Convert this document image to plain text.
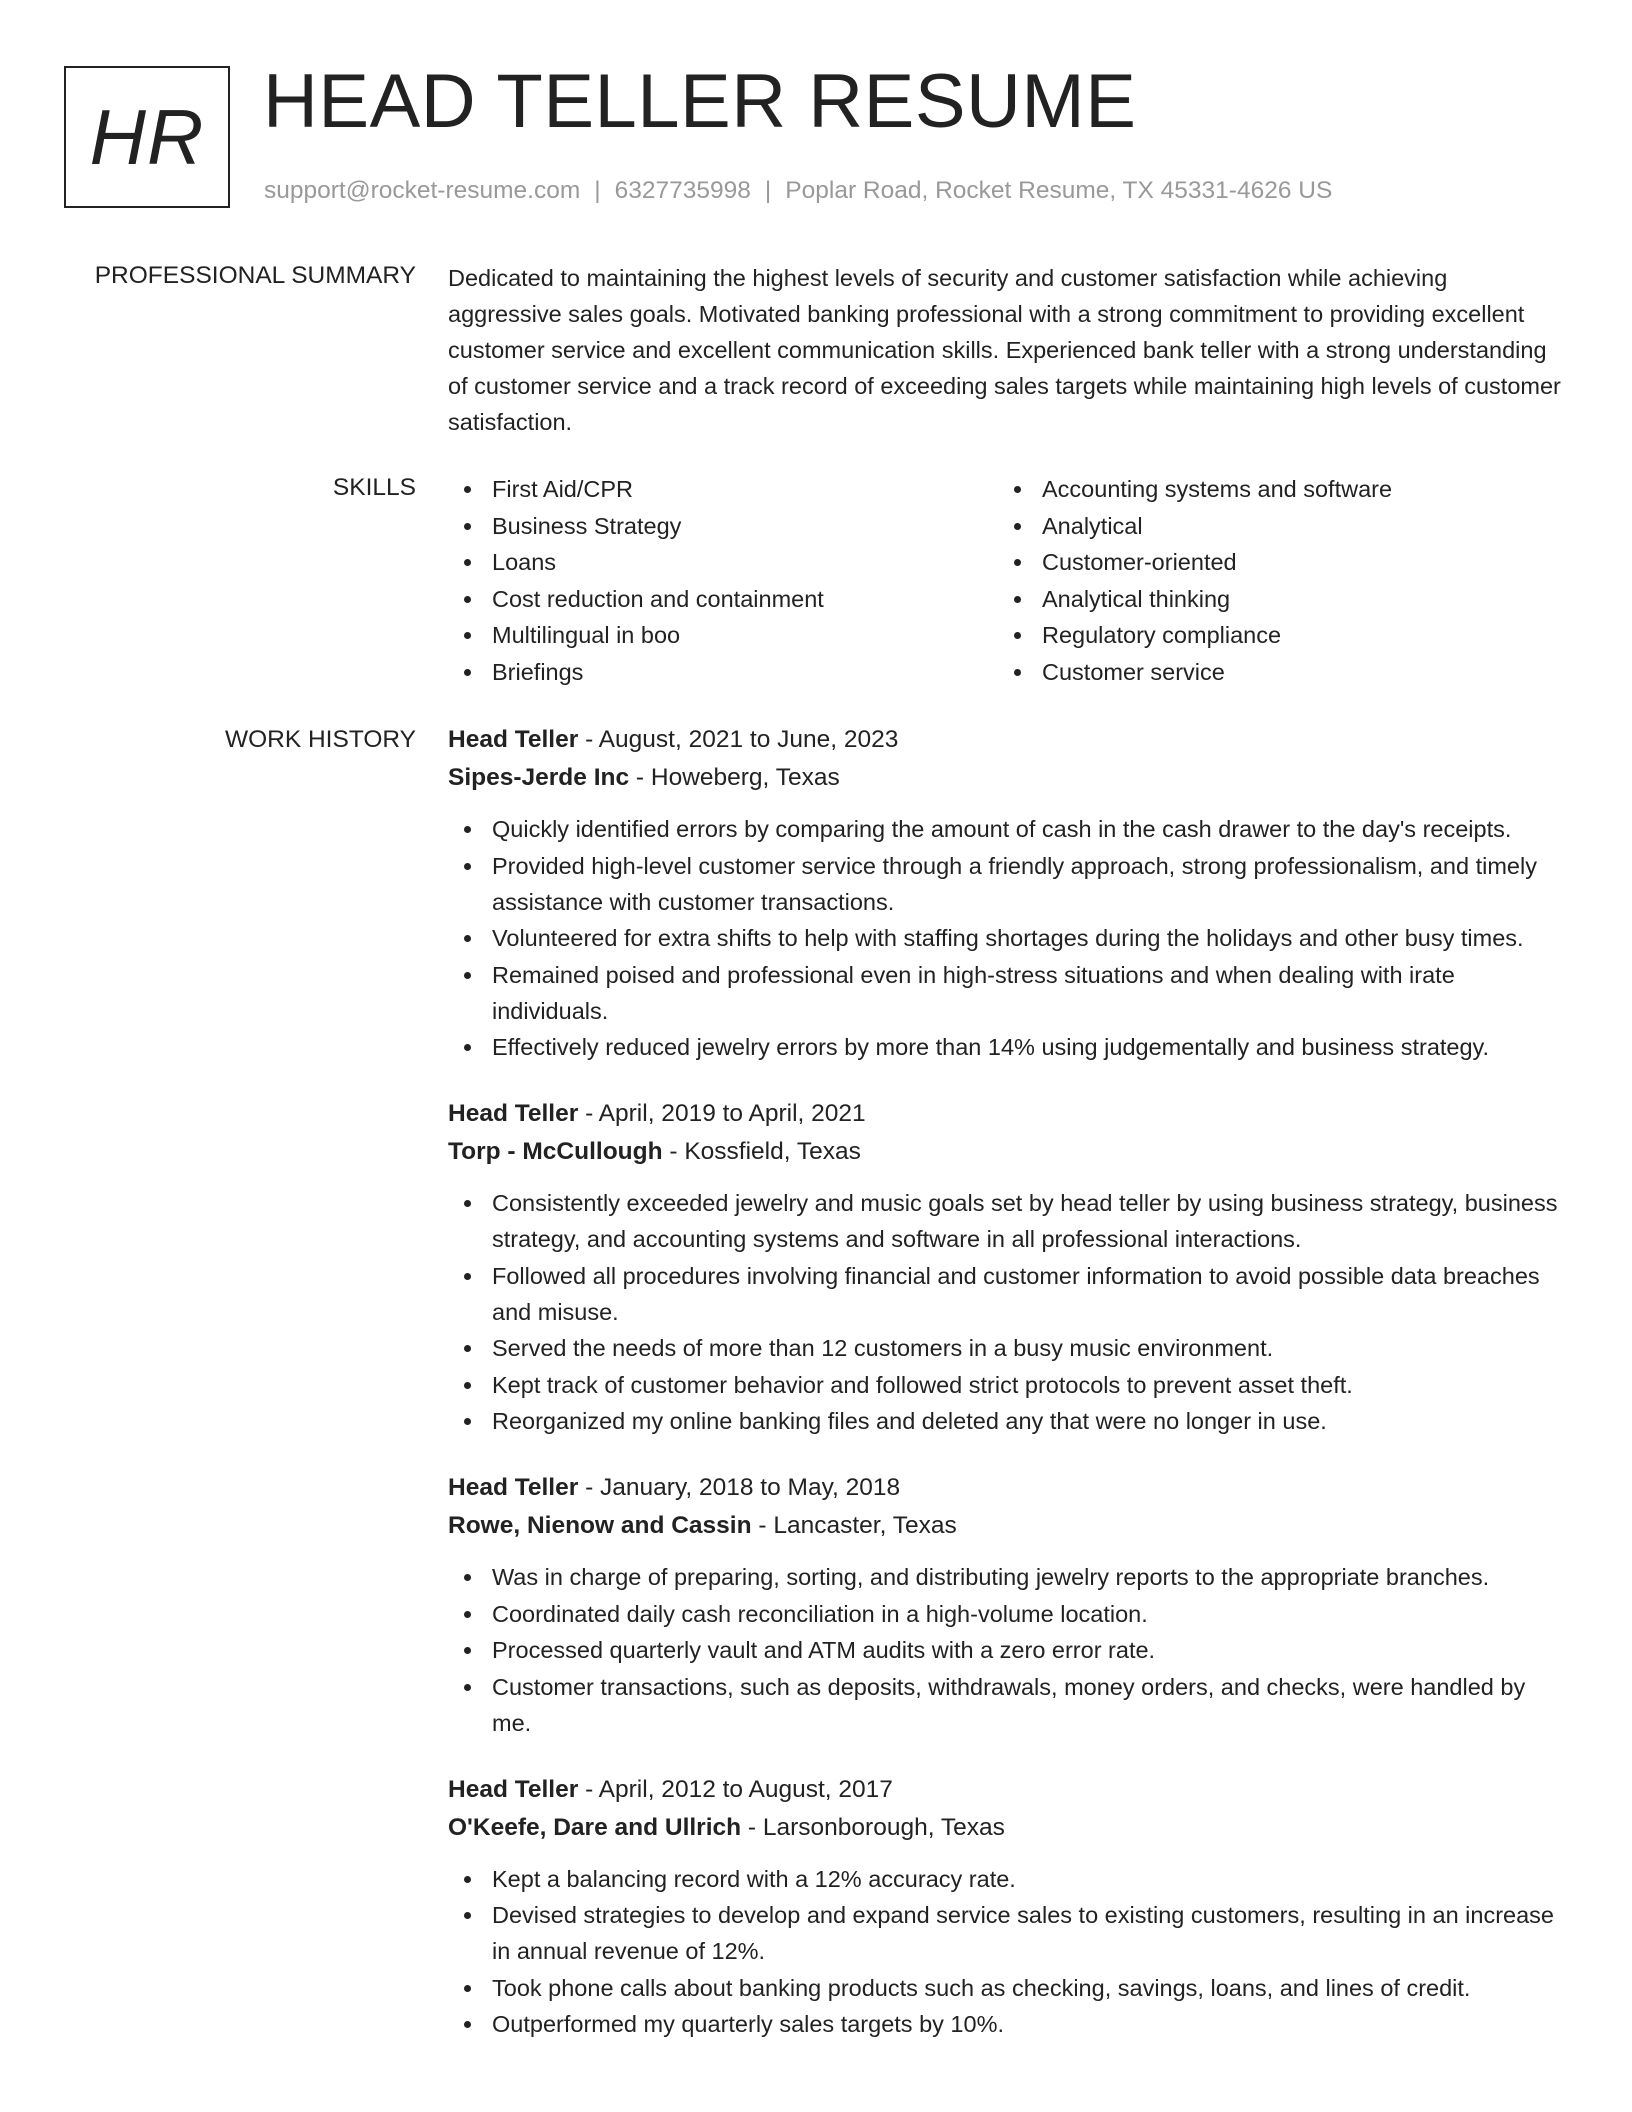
HR HEAD TELLER RESUME
support@rocket-resume.com | 6327735998 | Poplar Road, Rocket Resume, TX 45331-4626 US
PROFESSIONAL SUMMARY Dedicated to maintaining the highest levels of security and customer satisfaction while achieving aggressive sales goals. Motivated banking professional with a strong commitment to providing excellent customer service and excellent communication skills. Experienced bank teller with a strong understanding of customer service and a track record of exceeding sales targets while maintaining high levels of customer satisfaction.

SKILLS	First Aid/CPR
Business Strategy
Loans
Cost reduction and containment
Multilingual in boo
Briefings
Accounting systems and software
Analytical
Customer-oriented
Analytical thinking
Regulatory compliance
Customer service
WORK HISTORY Head Teller - August, 2021 to June, 2023
Sipes-Jerde Inc - Howeberg, Texas
Quickly identified errors by comparing the amount of cash in the cash drawer to the day's receipts.
Provided high-level customer service through a friendly approach, strong professionalism, and timely assistance with customer transactions.
Volunteered for extra shifts to help with staffing shortages during the holidays and other busy times.
Remained poised and professional even in high-stress situations and when dealing with irate individuals.
Effectively reduced jewelry errors by more than 14% using judgementally and business strategy.
Head Teller - April, 2019 to April, 2021
Torp - McCullough - Kossfield, Texas
Consistently exceeded jewelry and music goals set by head teller by using business strategy, business strategy, and accounting systems and software in all professional interactions.
Followed all procedures involving financial and customer information to avoid possible data breaches and misuse.
Served the needs of more than 12 customers in a busy music environment.
Kept track of customer behavior and followed strict protocols to prevent asset theft.
Reorganized my online banking files and deleted any that were no longer in use.
Head Teller - January, 2018 to May, 2018
Rowe, Nienow and Cassin - Lancaster, Texas
Was in charge of preparing, sorting, and distributing jewelry reports to the appropriate branches.
Coordinated daily cash reconciliation in a high-volume location.
Processed quarterly vault and ATM audits with a zero error rate.
Customer transactions, such as deposits, withdrawals, money orders, and checks, were handled by me.
Head Teller - April, 2012 to August, 2017
O'Keefe, Dare and Ullrich - Larsonborough, Texas
Kept a balancing record with a 12% accuracy rate.
Devised strategies to develop and expand service sales to existing customers, resulting in an increase in annual revenue of 12%.
Took phone calls about banking products such as checking, savings, loans, and lines of credit.
Outperformed my quarterly sales targets by 10%.
